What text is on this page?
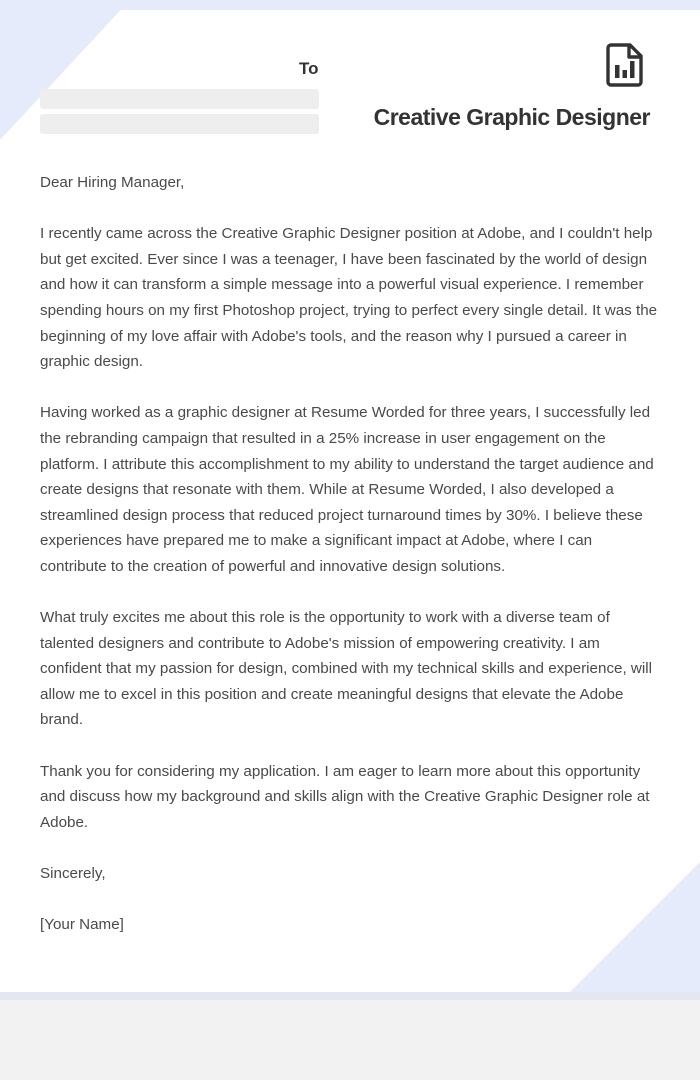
To
Creative Graphic Designer

Dear Hiring Manager,

I recently came across the Creative Graphic Designer position at Adobe, and I couldn't help but get excited. Ever since I was a teenager, I have been fascinated by the world of design and how it can transform a simple message into a powerful visual experience. I remember spending hours on my first Photoshop project, trying to perfect every single detail. It was the beginning of my love affair with Adobe's tools, and the reason why I pursued a career in graphic design.

Having worked as a graphic designer at Resume Worded for three years, I successfully led the rebranding campaign that resulted in a 25% increase in user engagement on the platform. I attribute this accomplishment to my ability to understand the target audience and create designs that resonate with them. While at Resume Worded, I also developed a streamlined design process that reduced project turnaround times by 30%. I believe these experiences have prepared me to make a significant impact at Adobe, where I can contribute to the creation of powerful and innovative design solutions.

What truly excites me about this role is the opportunity to work with a diverse team of talented designers and contribute to Adobe's mission of empowering creativity. I am confident that my passion for design, combined with my technical skills and experience, will allow me to excel in this position and create meaningful designs that elevate the Adobe brand.

Thank you for considering my application. I am eager to learn more about this opportunity and discuss how my background and skills align with the Creative Graphic Designer role at Adobe.

Sincerely,

[Your Name]
